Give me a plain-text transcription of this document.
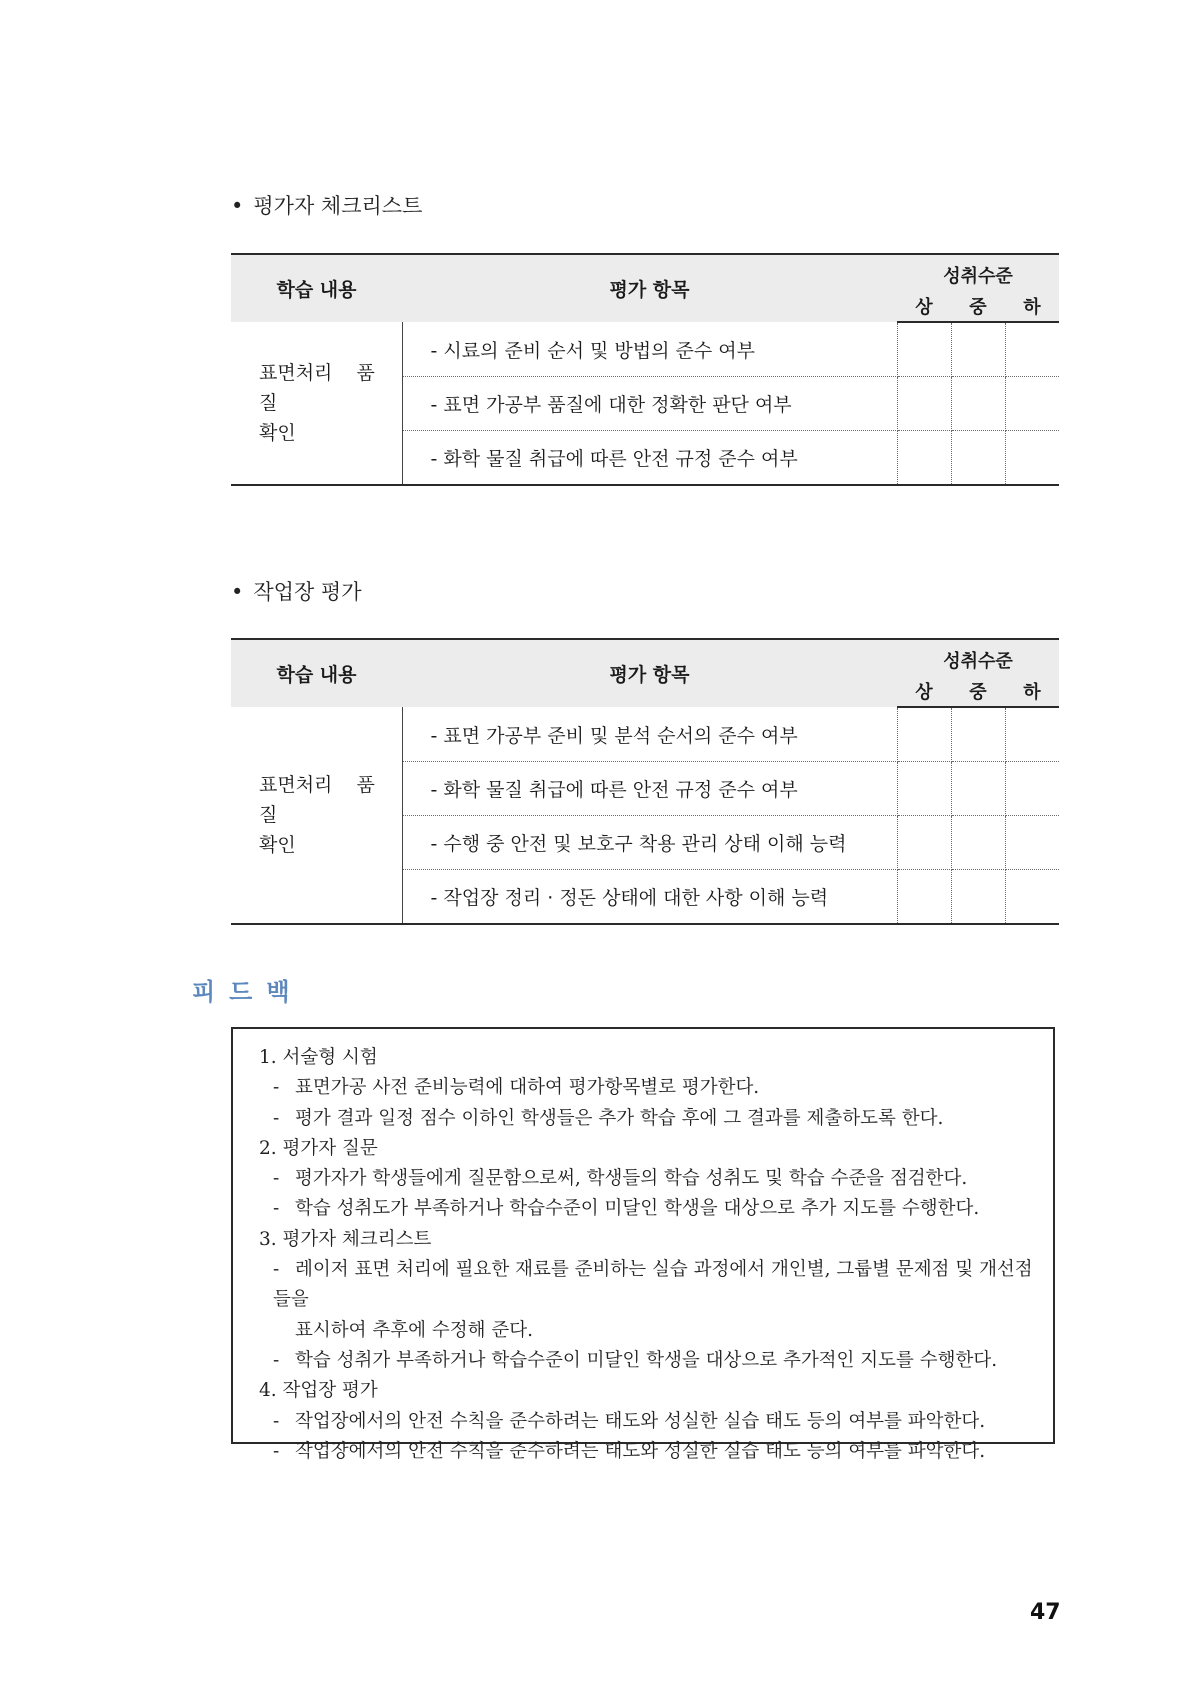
• 평가자 체크리스트
학습 내용	평가 항목	성취수준		
		상	중	하
표면처리 품질
확인	- 시료의 준비 순서 및 방법의 준수 여부			
	- 표면 가공부 품질에 대한 정확한 판단 여부			
	- 화학 물질 취급에 따른 안전 규정 준수 여부			
• 작업장 평가
학습 내용	평가 항목	성취수준		
		상	중	하
표면처리 품질
확인	- 표면 가공부 준비 및 분석 순서의 준수 여부			
	- 화학 물질 취급에 따른 안전 규정 준수 여부			
	- 수행 중 안전 및 보호구 착용 관리 상태 이해 능력			
	- 작업장 정리 · 정돈 상태에 대한 사항 이해 능력			
피드백

1. 서술형 시험

- 표면가공 사전 준비능력에 대하여 평가항목별로 평가한다.

- 평가 결과 일정 점수 이하인 학생들은 추가 학습 후에 그 결과를 제출하도록 한다.

2. 평가자 질문

- 평가자가 학생들에게 질문함으로써, 학생들의 학습 성취도 및 학습 수준을 점검한다.

- 학습 성취도가 부족하거나 학습수준이 미달인 학생을 대상으로 추가 지도를 수행한다.

3. 평가자 체크리스트

- 레이저 표면 처리에 필요한 재료를 준비하는 실습 과정에서 개인별, 그룹별 문제점 및 개선점들을
표시하여 추후에 수정해 준다.

- 학습 성취가 부족하거나 학습수준이 미달인 학생을 대상으로 추가적인 지도를 수행한다.

4. 작업장 평가

- 작업장에서의 안전 수칙을 준수하려는 태도와 성실한 실습 태도 등의 여부를 파악한다.

- 작업장에서의 안전 수칙을 준수하려는 태도와 성실한 실습 태도 등의 여부를 파악한다.

47
